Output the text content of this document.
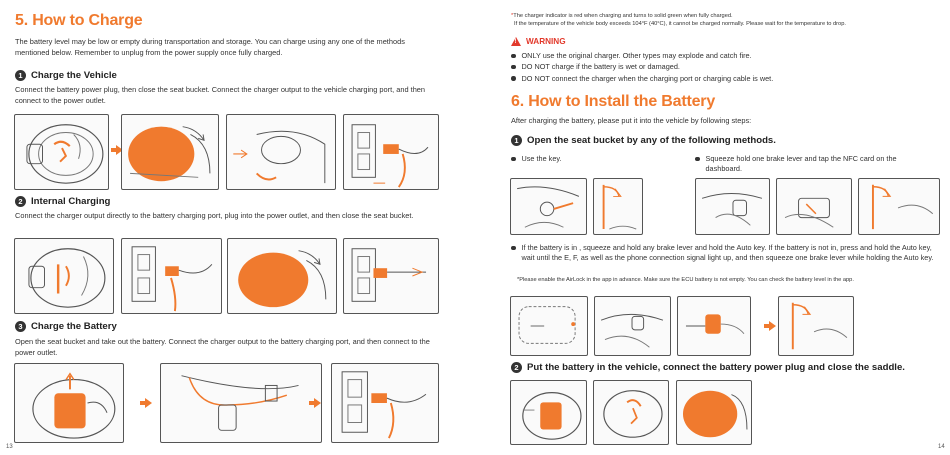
5. How to Charge
The battery level may be low or empty during transportation and storage. You can charge using any one of the methods mentioned below. Remember to unplug from the power supply once fully charged.
1 Charge the Vehicle
Connect the battery power plug, then close the seat bucket. Connect the charger output to the vehicle charging port, and then connect to the power outlet.
2 Internal Charging
Connect the charger output directly to the battery charging port, plug into the power outlet, and then close the seat bucket.
3 Charge the Battery
Open the seat bucket and take out the battery. Connect the charger output to the battery charging port, and then connect to the power outlet.
13
*The charger indicator is red when charging and turns to solid green when fully charged.
If the temperature of the vehicle body exceeds 104°F (40°C), it cannot be charged normally. Please wait for the temperature to drop.
!
WARNING
ONLY use the original charger. Other types may explode and catch fire.
DO NOT charge if the battery is wet or damaged.
DO NOT connect the charger when the charging port or charging cable is wet.
6. How to Install the Battery
After charging the battery, please put it into the vehicle by following steps:
1 Open the seat bucket by any of the following methods.
Use the key.	Squeeze hold one brake lever and tap the NFC card on the dashboard.
If the battery is in , squeeze and hold any brake lever and hold the Auto key. If the battery is not in, press and hold the Auto key, wait until the E, F, as well as the phone connection signal light up, and then squeeze one brake lever while holding the Auto key.
*Please enable the AirLock in the app in advance. Make sure the ECU battery is not empty. You can check the battery level in the app.
2 Put the battery in the vehicle, connect the battery power plug and close the saddle.
14
